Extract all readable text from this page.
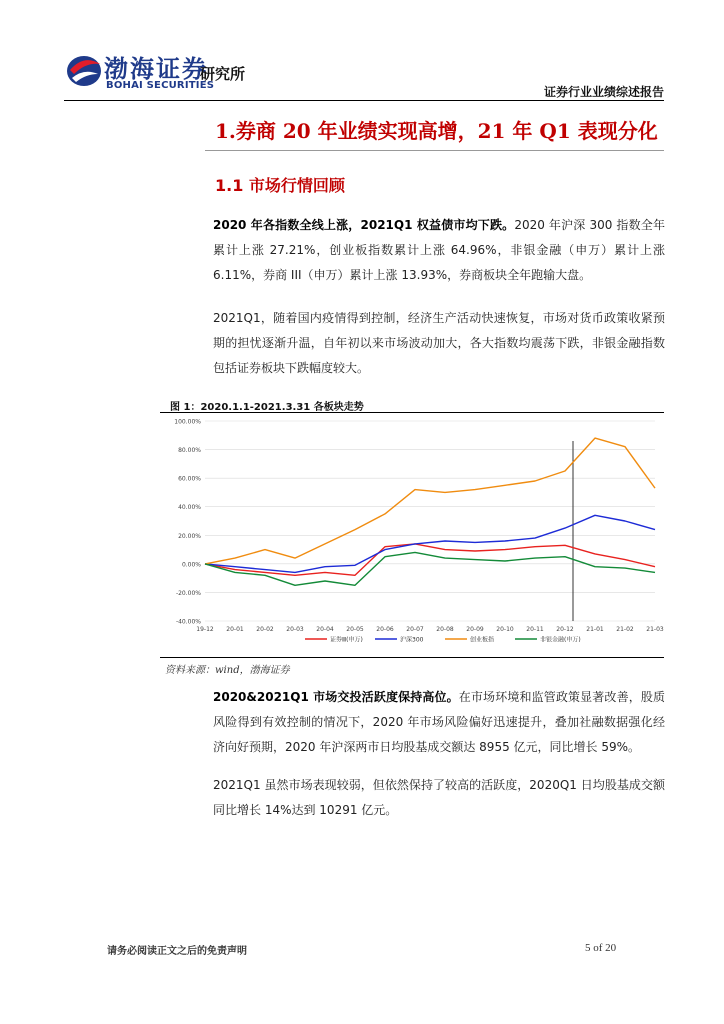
渤海证券
BOHAI SECURITIES
研究所
证券行业业绩综述报告
1.券商 20 年业绩实现高增，21 年 Q1 表现分化
1.1 市场行情回顾
2020 年各指数全线上涨，2021Q1 权益债市均下跌。2020 年沪深 300 指数全年累计上涨 27.21%，创业板指数累计上涨 64.96%，非银金融（申万）累计上涨 6.11%，券商 III（申万）累计上涨 13.93%，券商板块全年跑输大盘。
2021Q1，随着国内疫情得到控制，经济生产活动快速恢复，市场对货币政策收紧预期的担忧逐渐升温，自年初以来市场波动加大，各大指数均震荡下跌，非银金融指数包括证券板块下跌幅度较大。
图 1：2020.1.1-2021.3.31 各板块走势
-40.00%
-20.00%
0.00%
20.00%
40.00%
60.00%
80.00%
100.00%
19-12 20-01 20-02 20-03 20-04 20-05 20-06 20-07 20-08 20-09 20-10 20-11 20-12 21-01 21-02 21-03
证券Ⅲ(申万)	沪深300	创业板指	非银金融(申万)
资料来源：wind，渤海证券
2020&2021Q1 市场交投活跃度保持高位。在市场环境和监管政策显著改善，股质风险得到有效控制的情况下，2020 年市场风险偏好迅速提升，叠加社融数据强化经济向好预期，2020 年沪深两市日均股基成交额达 8955 亿元，同比增长 59%。
2021Q1 虽然市场表现较弱，但依然保持了较高的活跃度，2020Q1 日均股基成交额同比增长 14%达到 10291 亿元。
请务必阅读正文之后的免责声明	5 of 20
